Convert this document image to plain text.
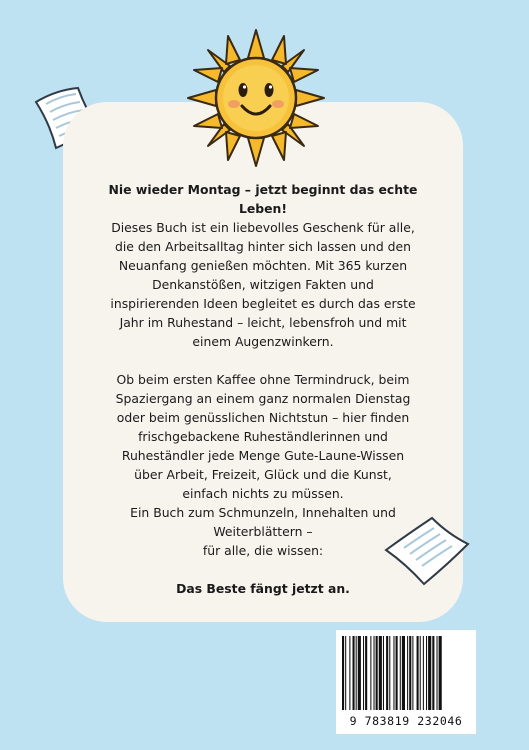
Nie wieder Montag – jetzt beginnt das echte
Leben!
Dieses Buch ist ein liebevolles Geschenk für alle,
die den Arbeitsalltag hinter sich lassen und den
Neuanfang genießen möchten. Mit 365 kurzen
Denkanstößen, witzigen Fakten und
inspirierenden Ideen begleitet es durch das erste
Jahr im Ruhestand – leicht, lebensfroh und mit
einem Augenzwinkern.
Ob beim ersten Kaffee ohne Termindruck, beim
Spaziergang an einem ganz normalen Dienstag
oder beim genüsslichen Nichtstun – hier finden
frischgebackene Ruheständlerinnen und
Ruheständler jede Menge Gute-Laune-Wissen
über Arbeit, Freizeit, Glück und die Kunst,
einfach nichts zu müssen.
Ein Buch zum Schmunzeln, Innehalten und
Weiterblättern –
für alle, die wissen:
Das Beste fängt jetzt an.
9 783819 232046
